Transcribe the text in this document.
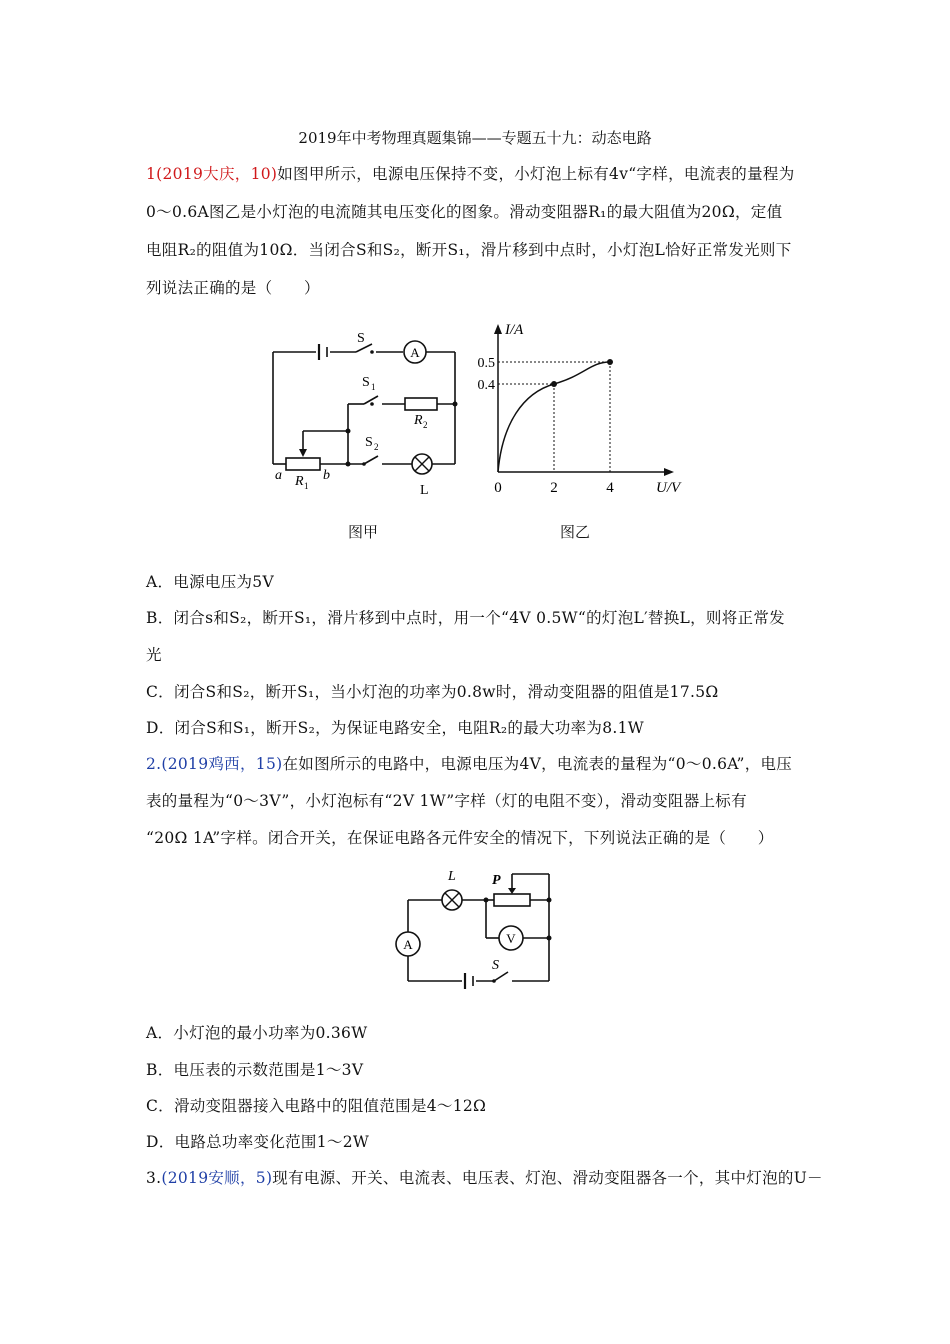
2019年中考物理真题集锦——专题五十九：动态电路
1(2019大庆，10)如图甲所示，电源电压保持不变，小灯泡上标有4v“字样，电流表的量程为
0～0.6A图乙是小灯泡的电流随其电压变化的图象。滑动变阻器R₁的最大阻值为20Ω，定值
电阻R₂的阻值为10Ω．当闭合S和S₂，断开S₁，滑片移到中点时，小灯泡L恰好正常发光则下
列说法正确的是（　　）
A
S
S 1
S 2
R 2
a	b
R 1	L	0	2	4
0.4
0.5
I/A
U/V
图甲	图乙
A．电源电压为5V
B．闭合s和S₂，断开S₁，滑片移到中点时，用一个“4V 0.5W“的灯泡L′替换L，则将正常发
光
C．闭合S和S₂，断开S₁，当小灯泡的功率为0.8w时，滑动变阻器的阻值是17.5Ω
D．闭合S和S₁，断开S₂，为保证电路安全，电阻R₂的最大功率为8.1W
2.(2019鸡西，15)在如图所示的电路中，电源电压为4V，电流表的量程为“0～0.6A”，电压
表的量程为“0～3V”，小灯泡标有“2V 1W”字样（灯的电阻不变），滑动变阻器上标有
“20Ω 1A”字样。闭合开关，在保证电路各元件安全的情况下，下列说法正确的是（　　）
A	V
L	P
S
A．小灯泡的最小功率为0.36W
B．电压表的示数范围是1～3V
C．滑动变阻器接入电路中的阻值范围是4～12Ω
D．电路总功率变化范围1～2W
3.(2019安顺，5)现有电源、开关、电流表、电压表、灯泡、滑动变阻器各一个，其中灯泡的U－
